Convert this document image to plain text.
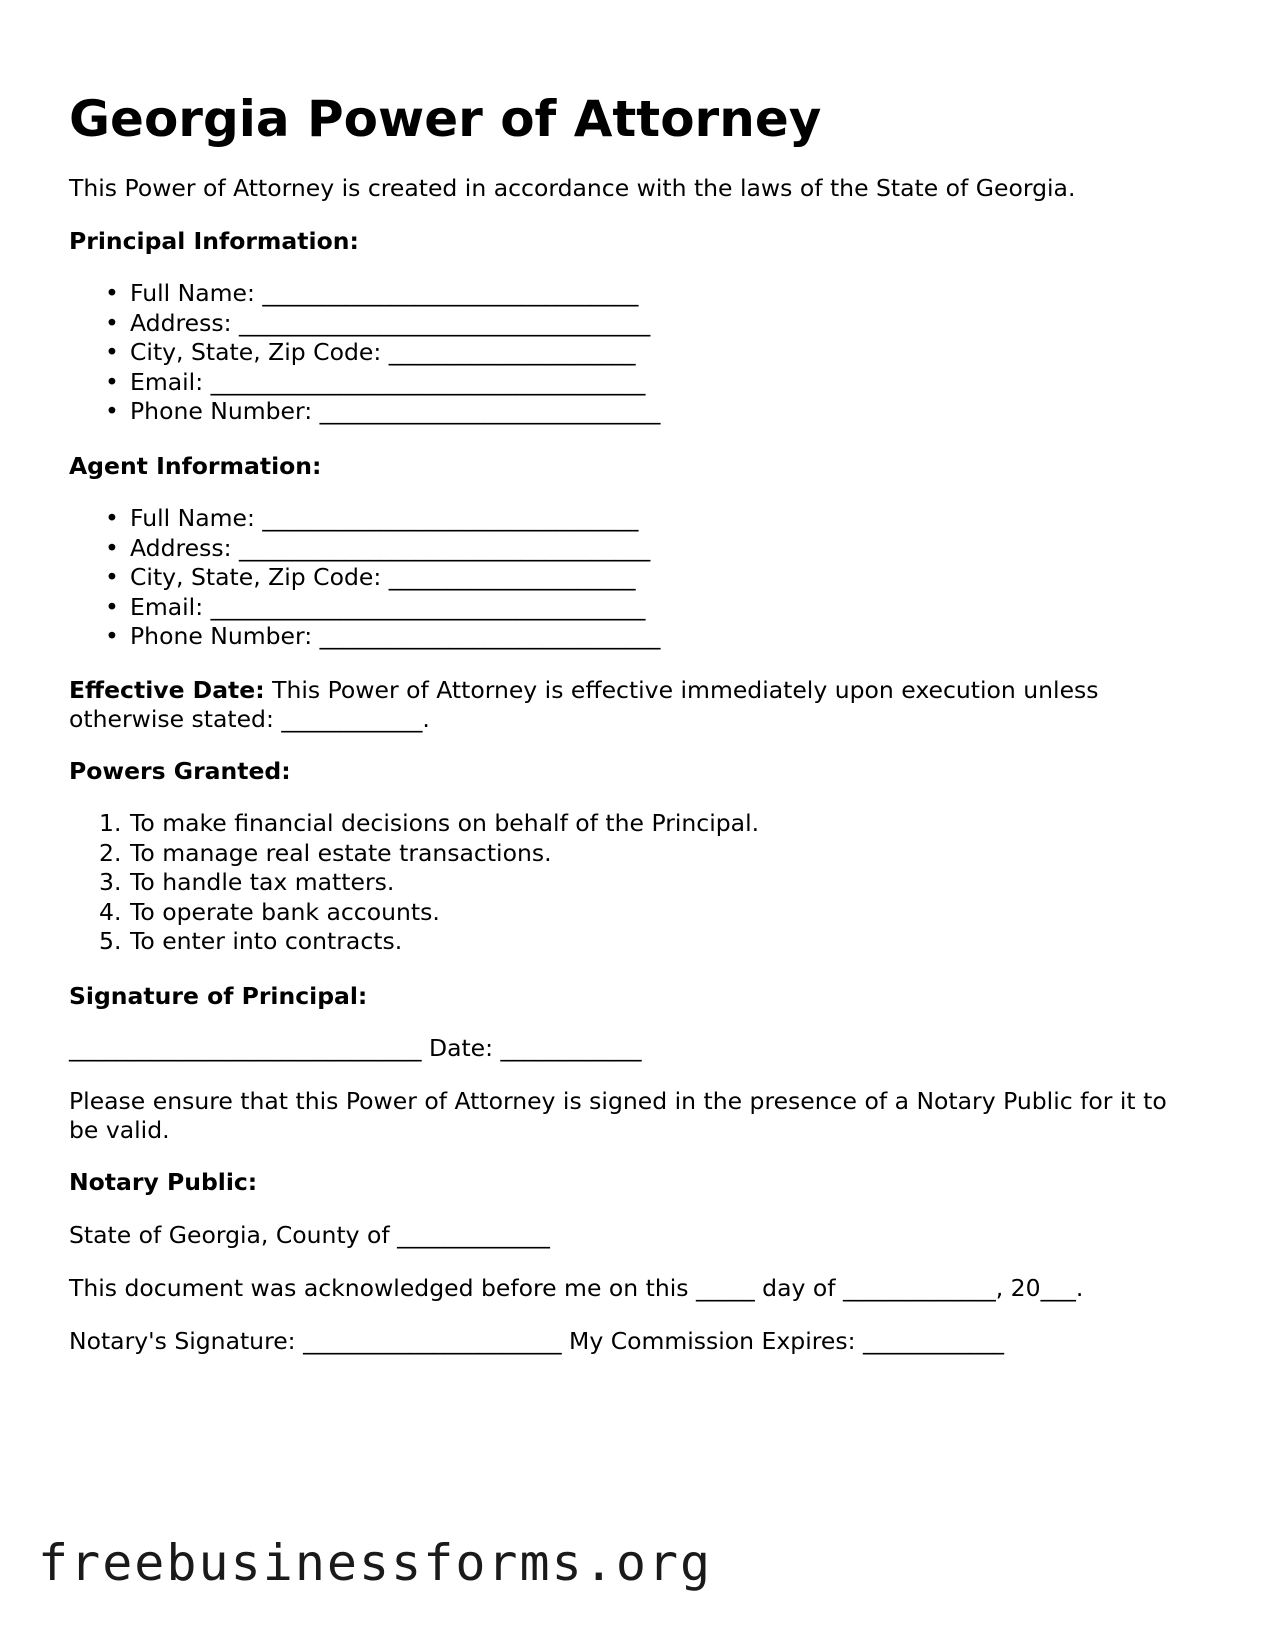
Georgia Power of Attorney

This Power of Attorney is created in accordance with the laws of the State of Georgia.

Principal Information:
• Full Name: ________________________________
• Address: ___________________________________
• City, State, Zip Code: _____________________
• Email: _____________________________________
• Phone Number: _____________________________
Agent Information:
• Full Name: ________________________________
• Address: ___________________________________
• City, State, Zip Code: _____________________
• Email: _____________________________________
• Phone Number: _____________________________

Effective Date: This Power of Attorney is effective immediately upon execution unless otherwise stated: ____________.

Powers Granted:
1. To make financial decisions on behalf of the Principal.
2. To manage real estate transactions.
3. To handle tax matters.
4. To operate bank accounts.
5. To enter into contracts.
Signature of Principal:

______________________________ Date: ____________

Please ensure that this Power of Attorney is signed in the presence of a Notary Public for it to be valid.

Notary Public:

State of Georgia, County of _____________

This document was acknowledged before me on this _____ day of _____________, 20___.

Notary's Signature: ______________________ My Commission Expires: ____________

freebusinessforms.org
